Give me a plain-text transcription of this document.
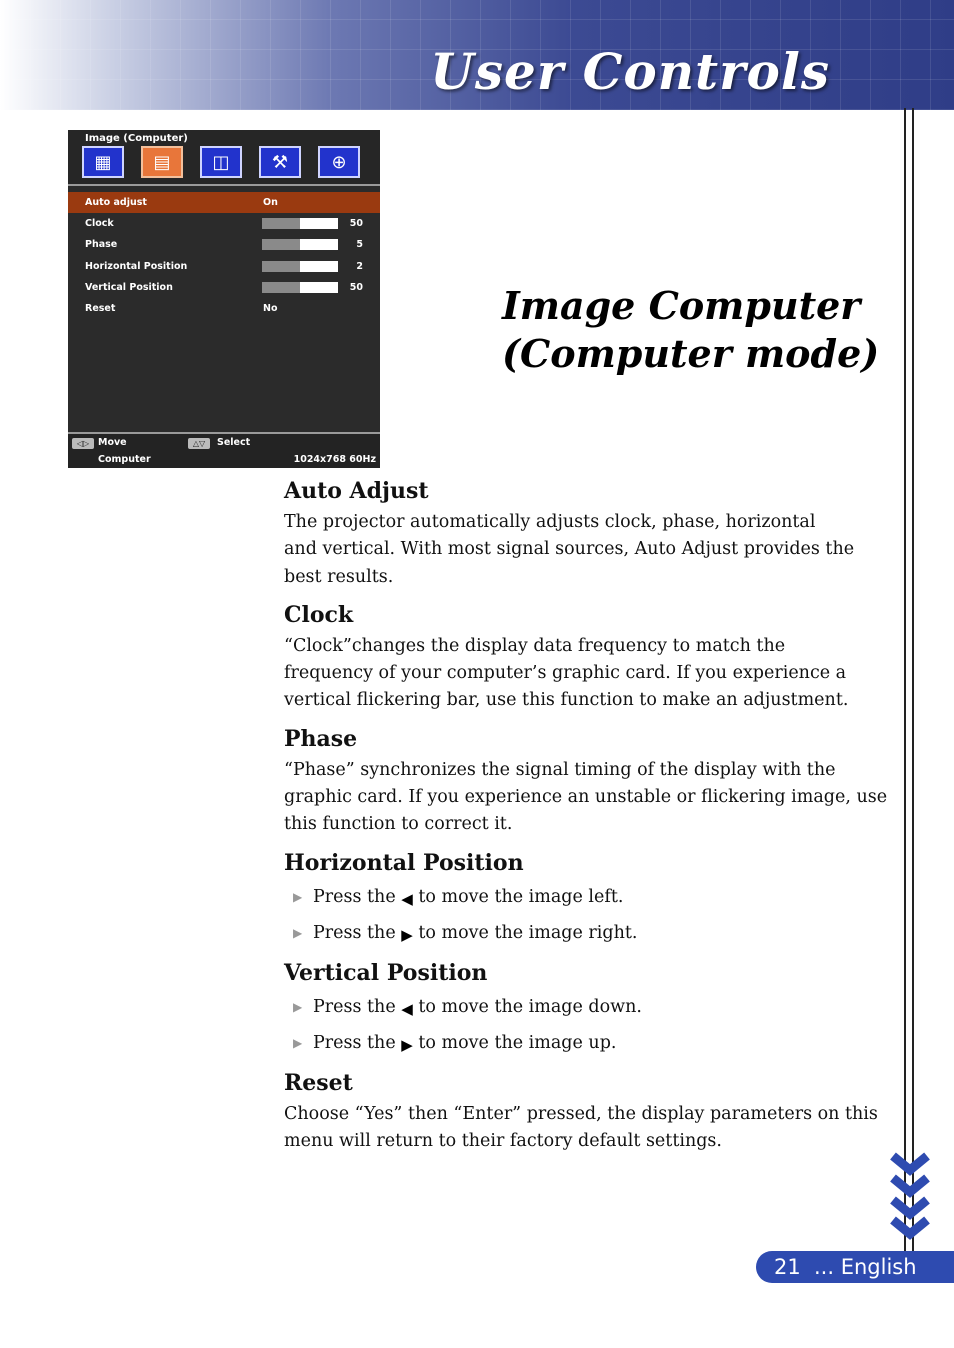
User Controls
Image (Computer)
▦	▤	◫	⚒	⊕
Auto adjust	On
Clock	50
Phase	5
Horizontal Position	2
Vertical Position	50
Reset	No
◁▷ Move	△▽	Select
Computer	1024x768 60Hz
Image Computer
(Computer mode)
Auto Adjust
The projector automatically adjusts clock, phase, horizontal
and vertical. With most signal sources, Auto Adjust provides the
best results.
Clock
“Clock”changes the display data frequency to match the
frequency of your computer’s graphic card. If you experience a
vertical flickering bar, use this function to make an adjustment.
Phase
“Phase” synchronizes the signal timing of the display with the
graphic card. If you experience an unstable or flickering image, use
this function to correct it.
Horizontal Position
▶ Press the ◀ to move the image left.
▶ Press the ▶ to move the image right.
Vertical Position
▶ Press the ◀ to move the image down.
▶ Press the ▶ to move the image up.
Reset
Choose “Yes” then “Enter” pressed, the display parameters on this
menu will return to their factory default settings.
21 ... English
